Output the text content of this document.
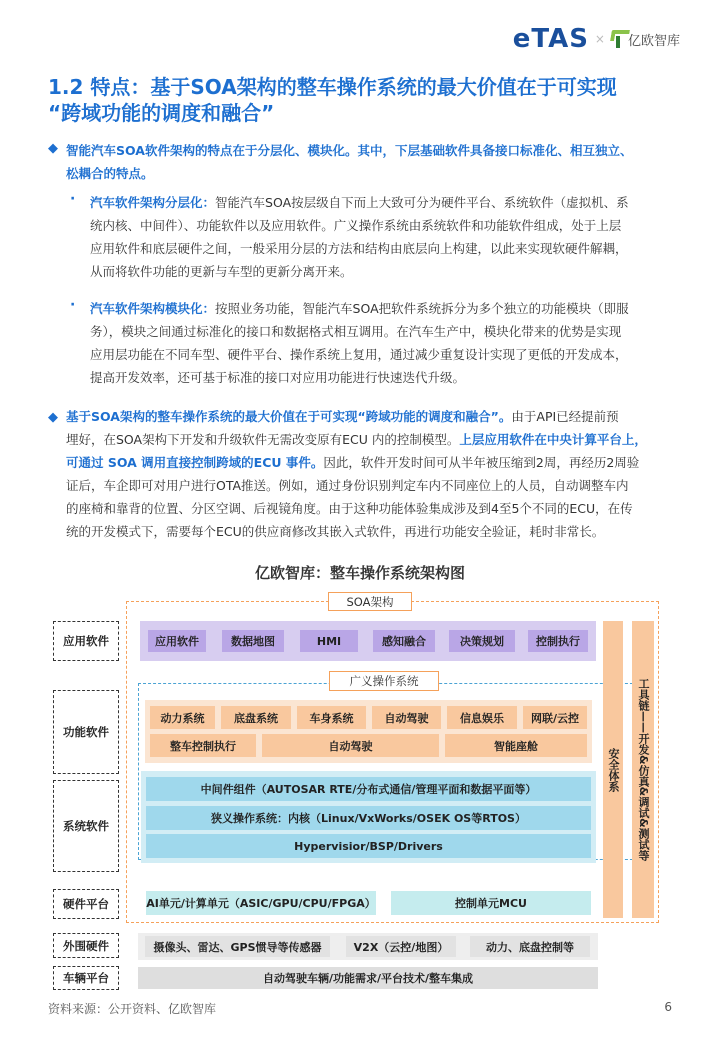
eTAS × 亿欧智库
1.2 特点：基于SOA架构的整车操作系统的最大价值在于可实现
“跨域功能的调度和融合”
◆ 智能汽车SOA软件架构的特点在于分层化、模块化。其中，下层基础软件具备接口标准化、相互独立、
松耦合的特点。
· 汽车软件架构分层化：智能汽车SOA按层级自下而上大致可分为硬件平台、系统软件（虚拟机、系
统内核、中间件）、功能软件以及应用软件。广义操作系统由系统软件和功能软件组成，处于上层
应用软件和底层硬件之间，一般采用分层的方法和结构由底层向上构建，以此来实现软硬件解耦，
从而将软件功能的更新与车型的更新分离开来。
· 汽车软件架构模块化：按照业务功能，智能汽车SOA把软件系统拆分为多个独立的功能模块（即服
务），模块之间通过标准化的接口和数据格式相互调用。在汽车生产中，模块化带来的优势是实现
应用层功能在不同车型、硬件平台、操作系统上复用，通过减少重复设计实现了更低的开发成本，
提高开发效率，还可基于标准的接口对应用功能进行快速迭代升级。
◆ 基于SOA架构的整车操作系统的最大价值在于可实现“跨域功能的调度和融合”。由于API已经提前预
埋好，在SOA架构下开发和升级软件无需改变原有ECU 内的控制模型。上层应用软件在中央计算平台上，
可通过 SOA 调用直接控制跨域的ECU 事件。因此，软件开发时间可从半年被压缩到2周，再经历2周验
证后，车企即可对用户进行OTA推送。例如，通过身份识别判定车内不同座位上的人员，自动调整车内
的座椅和靠背的位置、分区空调、后视镜角度。由于这种功能体验集成涉及到4至5个不同的ECU，在传
统的开发模式下，需要每个ECU的供应商修改其嵌入式软件，再进行功能安全验证，耗时非常长。
亿欧智库：整车操作系统架构图
应用软件
功能软件
系统软件
硬件平台
外围硬件
车辆平台
SOA架构
应用软件	数据地图	HMI	感知融合	决策规划	控制执行
广义操作系统
动力系统	底盘系统	车身系统	自动驾驶	信息娱乐	网联/云控
整车控制执行	自动驾驶	智能座舱
中间件组件（AUTOSAR RTE/分布式通信/管理平面和数据平面等）
狭义操作系统：内核（Linux/VxWorks/OSEK OS等RTOS）
Hypervisior/BSP/Drivers
AI单元/计算单元（ASIC/GPU/CPU/FPGA）	控制单元MCU
安全体系	工具链——开发&仿真&调试&测试等
摄像头、雷达、GPS惯导等传感器	V2X（云控/地图）	动力、底盘控制等
自动驾驶车辆/功能需求/平台技术/整车集成
资料来源：公开资料、亿欧智库	6
